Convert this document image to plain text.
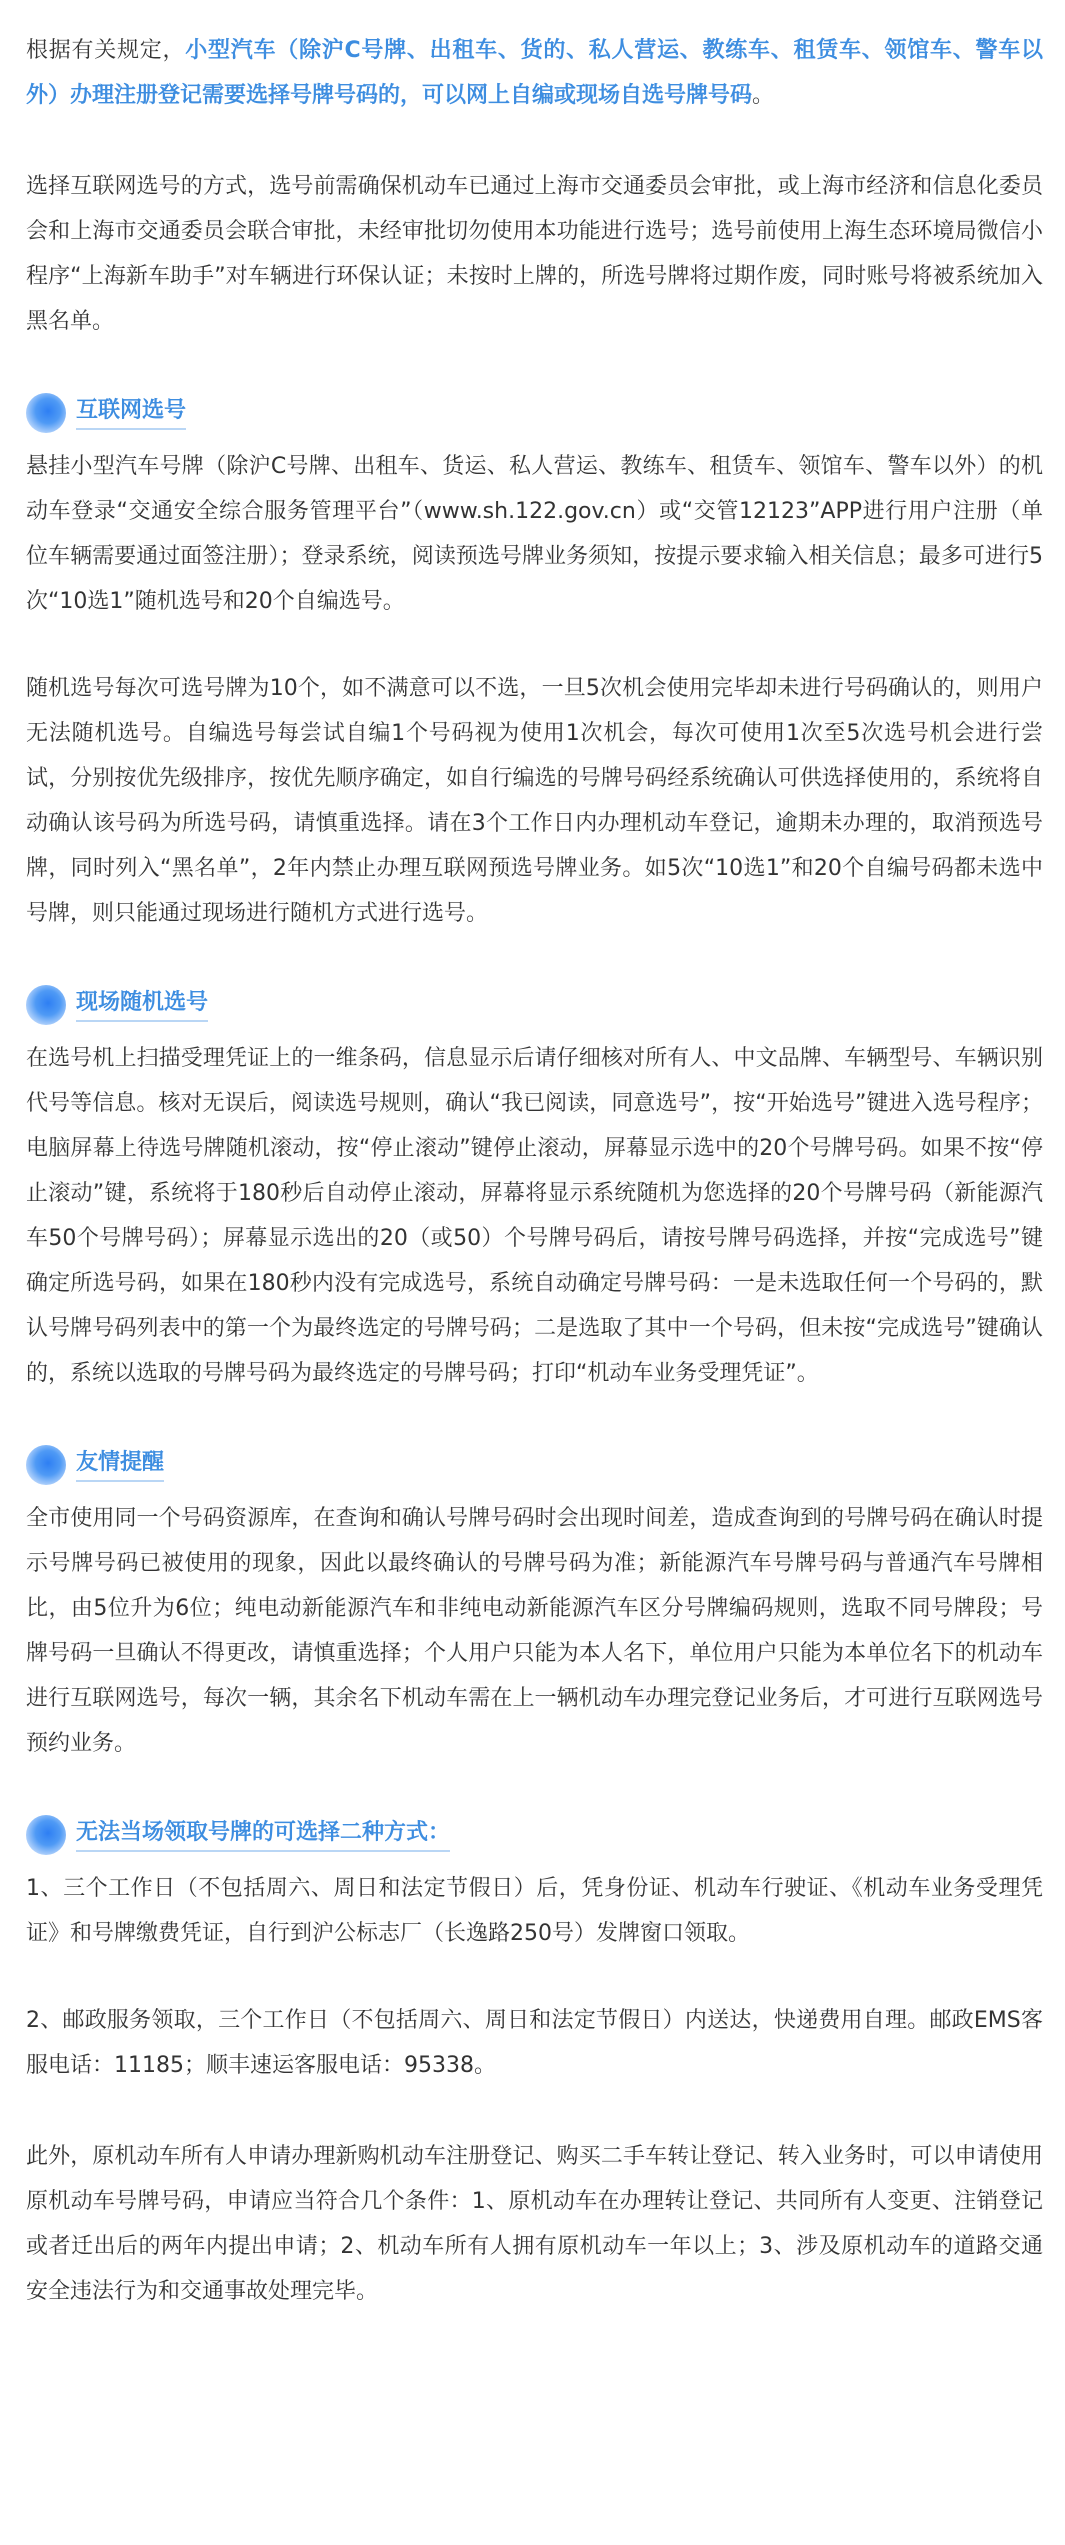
根据有关规定，小型汽车（除沪C号牌、出租车、货的、私人营运、教练车、租赁车、领馆车、警车以外）办理注册登记需要选择号牌号码的，可以网上自编或现场自选号牌号码。

选择互联网选号的方式，选号前需确保机动车已通过上海市交通委员会审批，或上海市经济和信息化委员会和上海市交通委员会联合审批，未经审批切勿使用本功能进行选号；选号前使用上海生态环境局微信小程序“上海新车助手”对车辆进行环保认证；未按时上牌的，所选号牌将过期作废，同时账号将被系统加入黑名单。

互联网选号

悬挂小型汽车号牌（除沪C号牌、出租车、货运、私人营运、教练车、租赁车、领馆车、警车以外）的机动车登录“交通安全综合服务管理平台”（www.sh.122.gov.cn）或“交管12123”APP进行用户注册（单位车辆需要通过面签注册）；登录系统，阅读预选号牌业务须知，按提示要求输入相关信息；最多可进行5次“10选1”随机选号和20个自编选号。

随机选号每次可选号牌为10个，如不满意可以不选，一旦5次机会使用完毕却未进行号码确认的，则用户无法随机选号。自编选号每尝试自编1个号码视为使用1次机会，每次可使用1次至5次选号机会进行尝试，分别按优先级排序，按优先顺序确定，如自行编选的号牌号码经系统确认可供选择使用的，系统将自动确认该号码为所选号码，请慎重选择。请在3个工作日内办理机动车登记，逾期未办理的，取消预选号牌，同时列入“黑名单”，2年内禁止办理互联网预选号牌业务。如5次“10选1”和20个自编号码都未选中号牌，则只能通过现场进行随机方式进行选号。

现场随机选号

在选号机上扫描受理凭证上的一维条码，信息显示后请仔细核对所有人、中文品牌、车辆型号、车辆识别代号等信息。核对无误后，阅读选号规则，确认“我已阅读，同意选号”，按“开始选号”键进入选号程序；电脑屏幕上待选号牌随机滚动，按“停止滚动”键停止滚动，屏幕显示选中的20个号牌号码。如果不按“停止滚动”键，系统将于180秒后自动停止滚动，屏幕将显示系统随机为您选择的20个号牌号码（新能源汽车50个号牌号码）；屏幕显示选出的20（或50）个号牌号码后，请按号牌号码选择，并按“完成选号”键确定所选号码，如果在180秒内没有完成选号，系统自动确定号牌号码：一是未选取任何一个号码的，默认号牌号码列表中的第一个为最终选定的号牌号码；二是选取了其中一个号码，但未按“完成选号”键确认的，系统以选取的号牌号码为最终选定的号牌号码；打印“机动车业务受理凭证”。

友情提醒

全市使用同一个号码资源库，在查询和确认号牌号码时会出现时间差，造成查询到的号牌号码在确认时提示号牌号码已被使用的现象，因此以最终确认的号牌号码为准；新能源汽车号牌号码与普通汽车号牌相比，由5位升为6位；纯电动新能源汽车和非纯电动新能源汽车区分号牌编码规则，选取不同号牌段；号牌号码一旦确认不得更改，请慎重选择；个人用户只能为本人名下，单位用户只能为本单位名下的机动车进行互联网选号，每次一辆，其余名下机动车需在上一辆机动车办理完登记业务后，才可进行互联网选号预约业务。

无法当场领取号牌的可选择二种方式：

1、三个工作日（不包括周六、周日和法定节假日）后，凭身份证、机动车行驶证、《机动车业务受理凭证》和号牌缴费凭证，自行到沪公标志厂（长逸路250号）发牌窗口领取。

2、邮政服务领取，三个工作日（不包括周六、周日和法定节假日）内送达，快递费用自理。邮政EMS客服电话：11185；顺丰速运客服电话：95338。

此外，原机动车所有人申请办理新购机动车注册登记、购买二手车转让登记、转入业务时，可以申请使用原机动车号牌号码，申请应当符合几个条件：1、原机动车在办理转让登记、共同所有人变更、注销登记或者迁出后的两年内提出申请；2、机动车所有人拥有原机动车一年以上；3、涉及原机动车的道路交通安全违法行为和交通事故处理完毕。
